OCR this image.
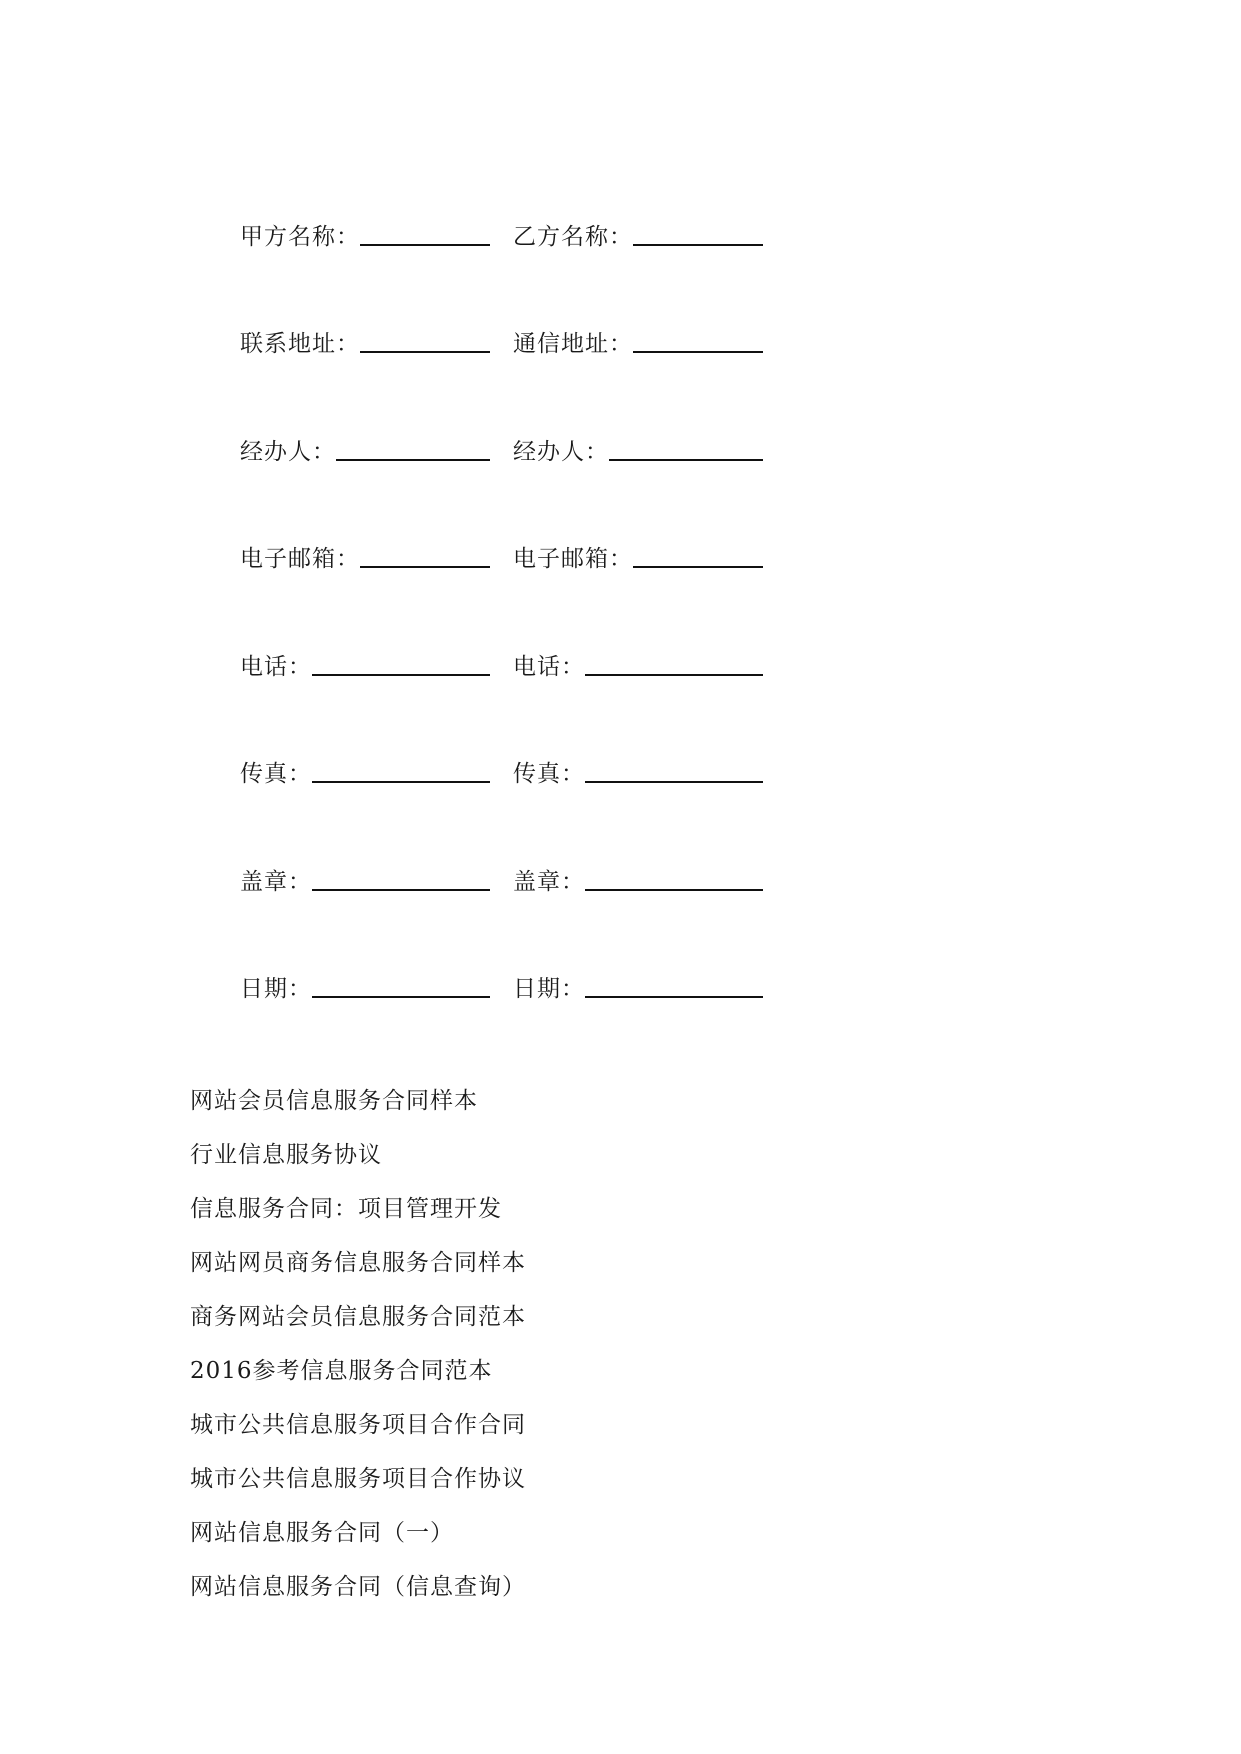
甲方名称：	乙方名称：
联系地址：	通信地址：
经办人：	经办人：
电子邮箱：	电子邮箱：
电话：	电话：
传真：	传真：
盖章：	盖章：
日期：	日期：
网站会员信息服务合同样本
行业信息服务协议
信息服务合同：项目管理开发
网站网员商务信息服务合同样本
商务网站会员信息服务合同范本
2016参考信息服务合同范本
城市公共信息服务项目合作合同
城市公共信息服务项目合作协议
网站信息服务合同（一）
网站信息服务合同（信息查询）
